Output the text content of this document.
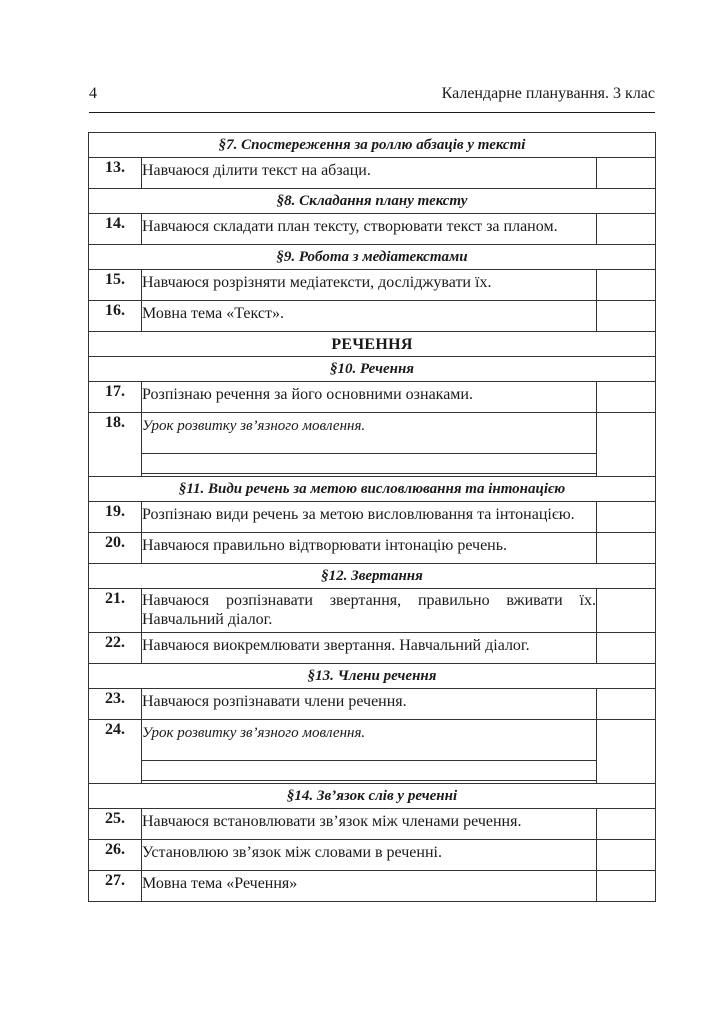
4	Календарне планування. 3 клас
§7. Спостереження за роллю абзаців у тексті		
13.	Навчаюся ділити текст на абзаци.	
§8. Складання плану тексту		
14.	Навчаюся складати план тексту, створювати текст за планом.	
§9. Робота з медіатекстами		
15.	Навчаюся розрізняти медіатексти, досліджувати їх.	
16.	Мовна тема «Текст».	
РЕЧЕННЯ		
§10. Речення		
17.	Розпізнаю речення за його основними ознаками.	
18.	Урок розвитку зв’язного мовлення.	

§11. Види речень за метою висловлювання та інтонацією		
19.	Розпізнаю види речень за метою висловлювання та інтонацією.	
20.	Навчаюся правильно відтворювати інтонацію речень.	
§12. Звертання		
21.	Навчаюся розпізнавати звертання, правильно вживати їх. Навчальний діалог.	
22.	Навчаюся виокремлювати звертання. Навчальний діалог.	
§13. Члени речення		
23.	Навчаюся розпізнавати члени речення.	
24.	Урок розвитку зв’язного мовлення.	

§14. Зв’язок слів у реченні		
25.	Навчаюся встановлювати зв’язок між членами речення.	
26.	Установлюю зв’язок між словами в реченні.	
27.	Мовна тема «Речення»	
